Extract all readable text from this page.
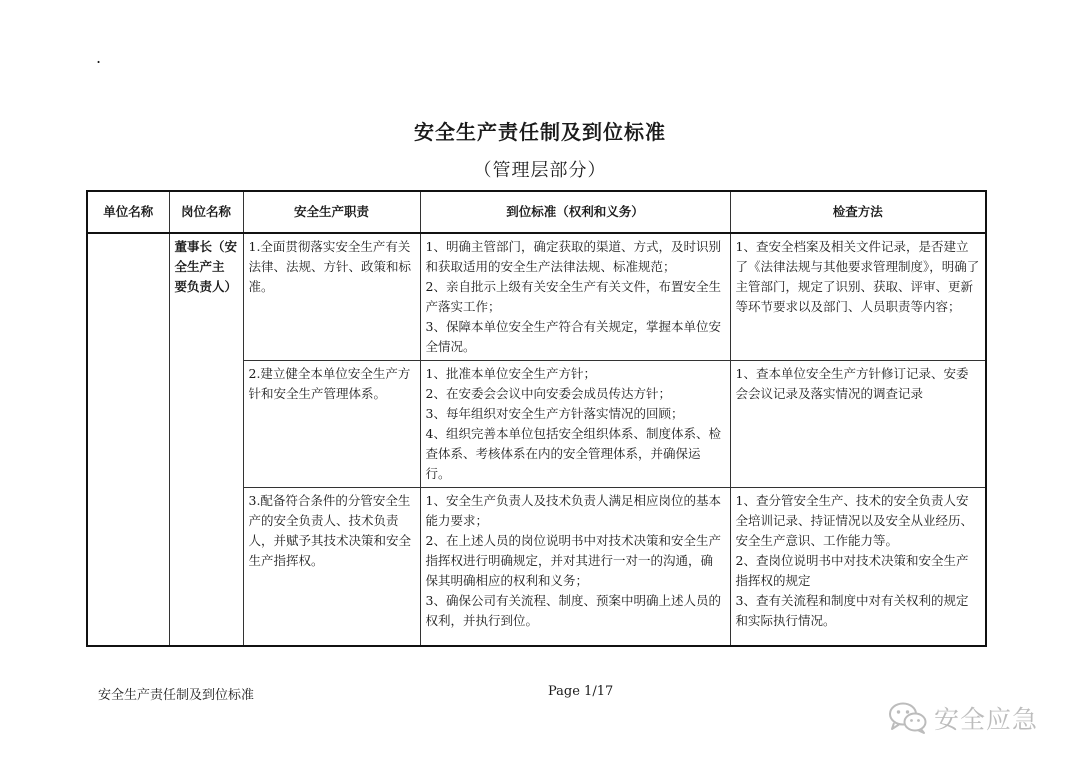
.
安全生产责任制及到位标准
（管理层部分）
单位名称	岗位名称	安全生产职责	到位标准（权利和义务）	检查方法

	董事长（安
全生产主
要负责人）	1.全面贯彻落实安全生产有关法律、法规、方针、政策和标准。	1、明确主管部门，确定获取的渠道、方式，及时识别和获取适用的安全生产法律法规、标准规范；
2、亲自批示上级有关安全生产有关文件，布置安全生产落实工作；
3、保障本单位安全生产符合有关规定，掌握本单位安全情况。	1、查安全档案及相关文件记录，是否建立了《法律法规与其他要求管理制度》，明确了主管部门，规定了识别、获取、评审、更新等环节要求以及部门、人员职责等内容；

		2.建立健全本单位安全生产方针和安全生产管理体系。	1、批准本单位安全生产方针；
2、在安委会会议中向安委会成员传达方针；
3、每年组织对安全生产方针落实情况的回顾；
4、组织完善本单位包括安全组织体系、制度体系、检查体系、考核体系在内的安全管理体系，并确保运行。	1、查本单位安全生产方针修订记录、安委会会议记录及落实情况的调查记录

		3.配备符合条件的分管安全生产的安全负责人、技术负责人，并赋予其技术决策和安全生产指挥权。	1、安全生产负责人及技术负责人满足相应岗位的基本能力要求；
2、在上述人员的岗位说明书中对技术决策和安全生产指挥权进行明确规定，并对其进行一对一的沟通，确保其明确相应的权利和义务；
3、确保公司有关流程、制度、预案中明确上述人员的权利，并执行到位。	1、查分管安全生产、技术的安全负责人安全培训记录、持证情况以及安全从业经历、安全生产意识、工作能力等。
2、查岗位说明书中对技术决策和安全生产指挥权的规定
3、查有关流程和制度中对有关权利的规定和实际执行情况。
安全生产责任制及到位标准	Page 1/17
安全应急
